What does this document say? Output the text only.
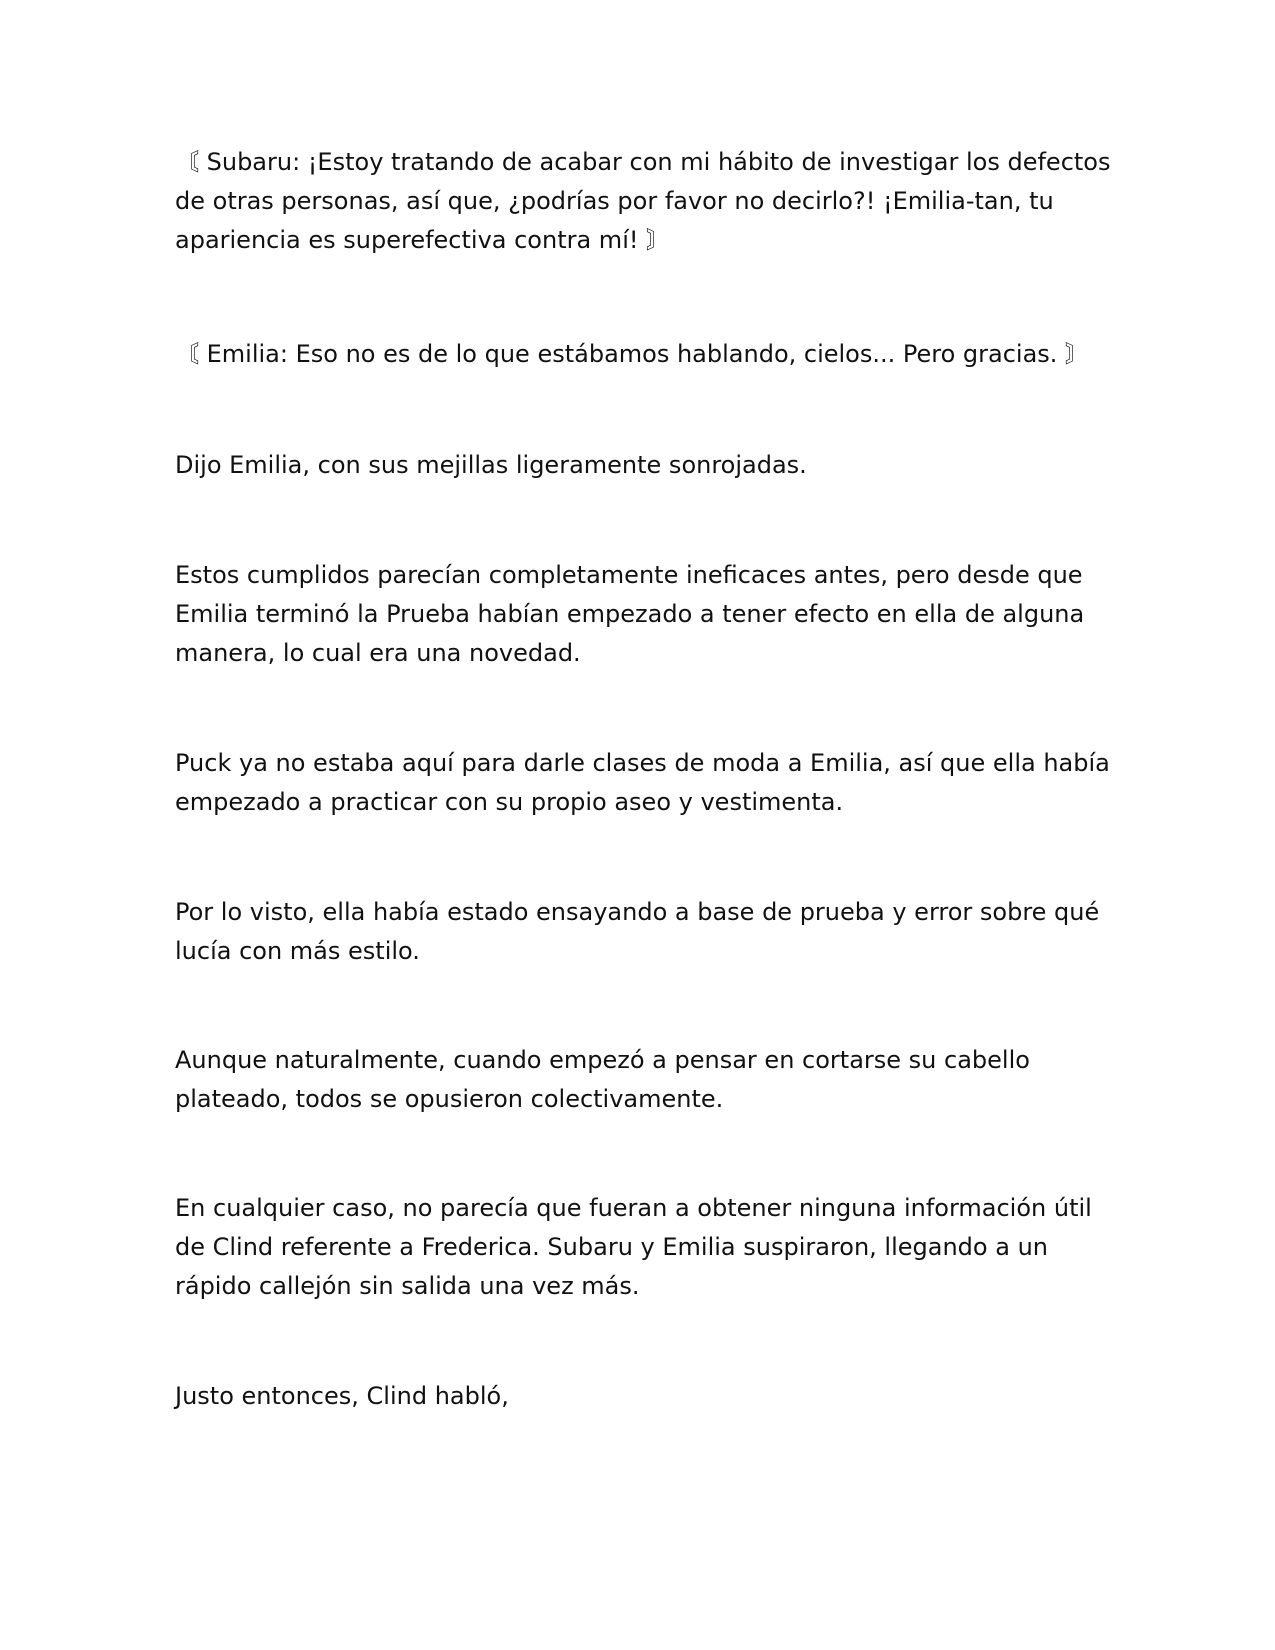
〘 Subaru: ¡Estoy tratando de acabar con mi hábito de investigar los defectos
de otras personas, así que, ¿podrías por favor no decirlo?! ¡Emilia-tan, tu
apariencia es superefectiva contra mí! 〙

〘 Emilia: Eso no es de lo que estábamos hablando, cielos... Pero gracias. 〙

Dijo Emilia, con sus mejillas ligeramente sonrojadas.

Estos cumplidos parecían completamente ineficaces antes, pero desde que
Emilia terminó la Prueba habían empezado a tener efecto en ella de alguna
manera, lo cual era una novedad.

Puck ya no estaba aquí para darle clases de moda a Emilia, así que ella había
empezado a practicar con su propio aseo y vestimenta.

Por lo visto, ella había estado ensayando a base de prueba y error sobre qué
lucía con más estilo.

Aunque naturalmente, cuando empezó a pensar en cortarse su cabello
plateado, todos se opusieron colectivamente.

En cualquier caso, no parecía que fueran a obtener ninguna información útil
de Clind referente a Frederica. Subaru y Emilia suspiraron, llegando a un
rápido callejón sin salida una vez más.

Justo entonces, Clind habló,
